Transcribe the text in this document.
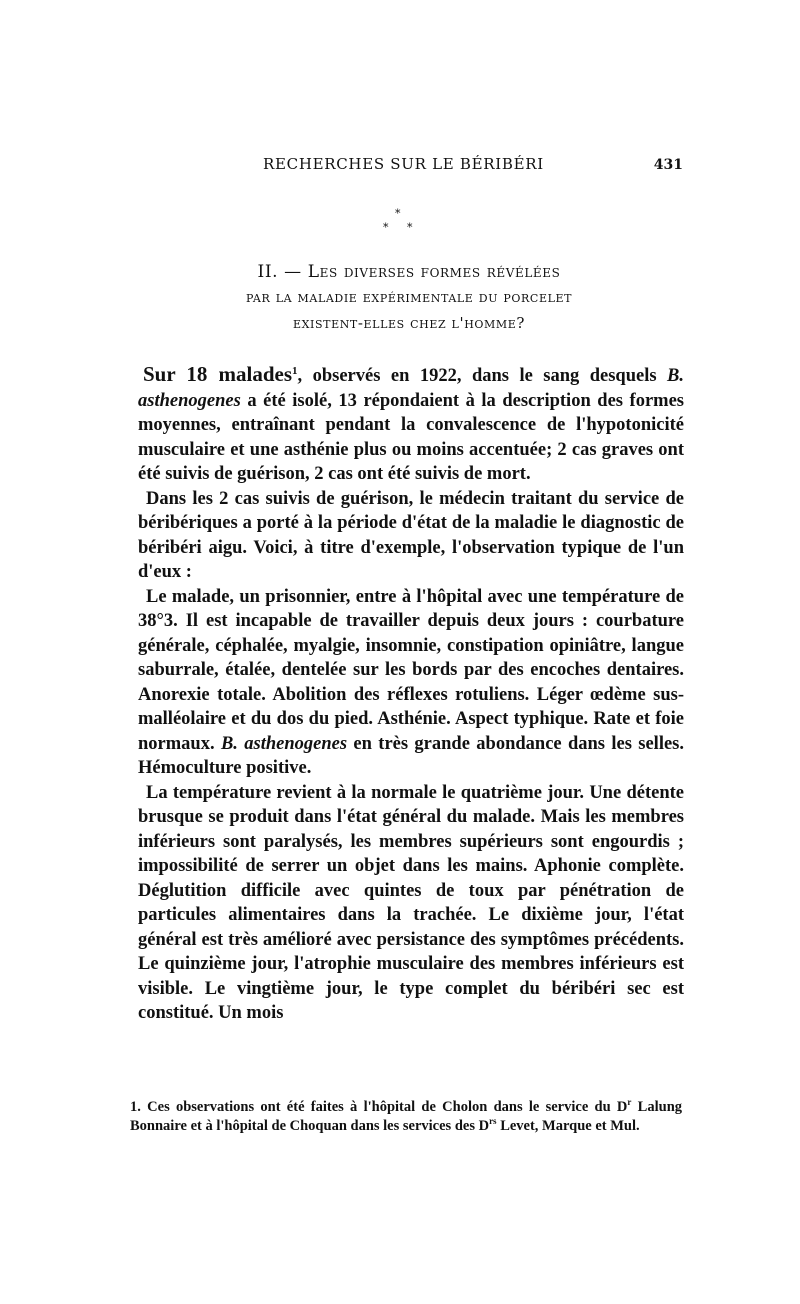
RECHERCHES SUR LE BÉRIBÉRI	431
*
* *
II. — Les diverses formes révélées
par la maladie expérimentale du porcelet
existent-elles chez l'homme?

Sur 18 malades$^1$, observés en 1922, dans le sang desquels B. asthenogenes a été isolé, 13 répondaient à la description des formes moyennes, entraînant pendant la convalescence de l'hypotonicité musculaire et une asthénie plus ou moins accentuée; 2 cas graves ont été suivis de guérison, 2 cas ont été suivis de mort.

Dans les 2 cas suivis de guérison, le médecin traitant du service de béribériques a porté à la période d'état de la maladie le diagnostic de béribéri aigu. Voici, à titre d'exemple, l'observation typique de l'un d'eux :

Le malade, un prisonnier, entre à l'hôpital avec une température de 38°3. Il est incapable de travailler depuis deux jours : courbature générale, céphalée, myalgie, insomnie, constipation opiniâtre, langue saburrale, étalée, dentelée sur les bords par des encoches dentaires. Anorexie totale. Abolition des réflexes rotuliens. Léger œdème sus-malléolaire et du dos du pied. Asthénie. Aspect typhique. Rate et foie normaux. B. asthenogenes en très grande abondance dans les selles. Hémoculture positive.

La température revient à la normale le quatrième jour. Une détente brusque se produit dans l'état général du malade. Mais les membres inférieurs sont paralysés, les membres supérieurs sont engourdis ; impossibilité de serrer un objet dans les mains. Aphonie complète. Déglutition difficile avec quintes de toux par pénétration de particules alimentaires dans la trachée. Le dixième jour, l'état général est très amélioré avec persistance des symptômes précédents. Le quinzième jour, l'atrophie musculaire des membres inférieurs est visible. Le vingtième jour, le type complet du béribéri sec est constitué. Un mois

1. Ces observations ont été faites à l'hôpital de Cholon dans le service du $D^r$ Lalung Bonnaire et à l'hôpital de Choquan dans les services des $D^{rs}$ Levet, Marque et Mul.
